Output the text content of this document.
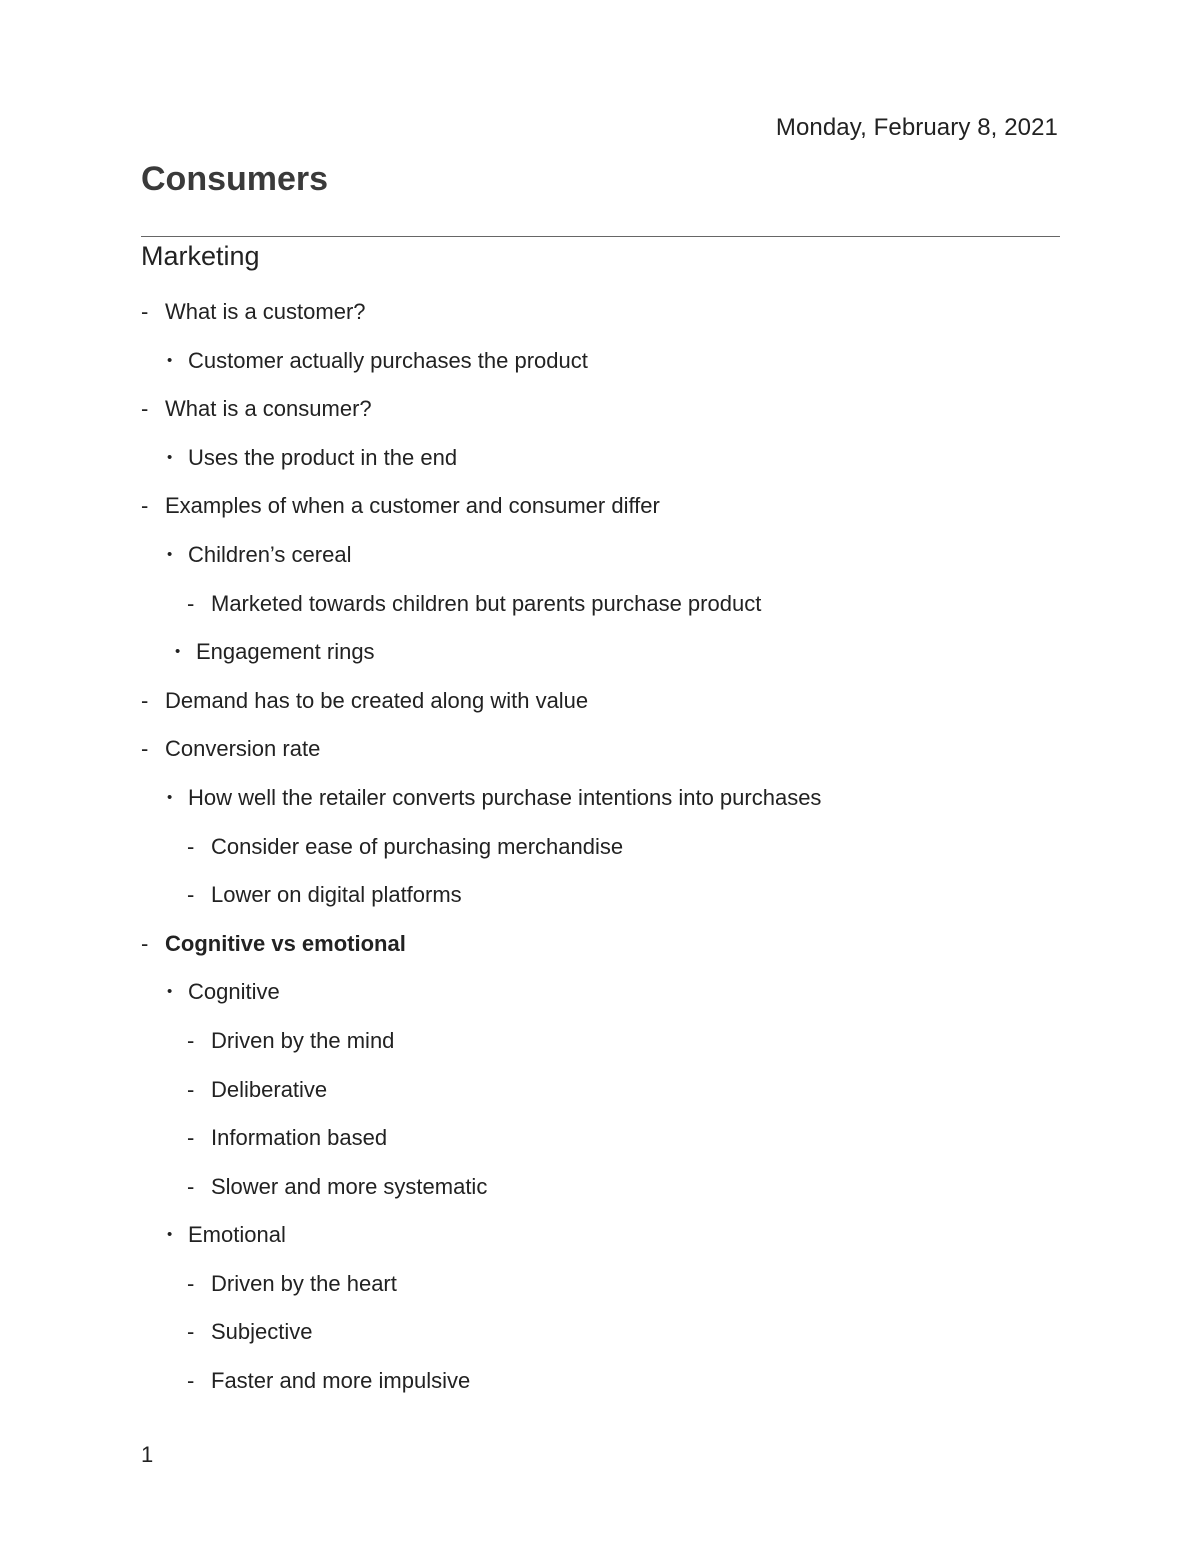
Monday, February 8, 2021
Consumers
Marketing
- What is a customer?
• Customer actually purchases the product
- What is a consumer?
• Uses the product in the end
- Examples of when a customer and consumer differ
• Children’s cereal
- Marketed towards children but parents purchase product
• Engagement rings
- Demand has to be created along with value
- Conversion rate
• How well the retailer converts purchase intentions into purchases
- Consider ease of purchasing merchandise
- Lower on digital platforms
- Cognitive vs emotional
• Cognitive
- Driven by the mind
- Deliberative
- Information based
- Slower and more systematic
• Emotional
- Driven by the heart
- Subjective
- Faster and more impulsive
1
